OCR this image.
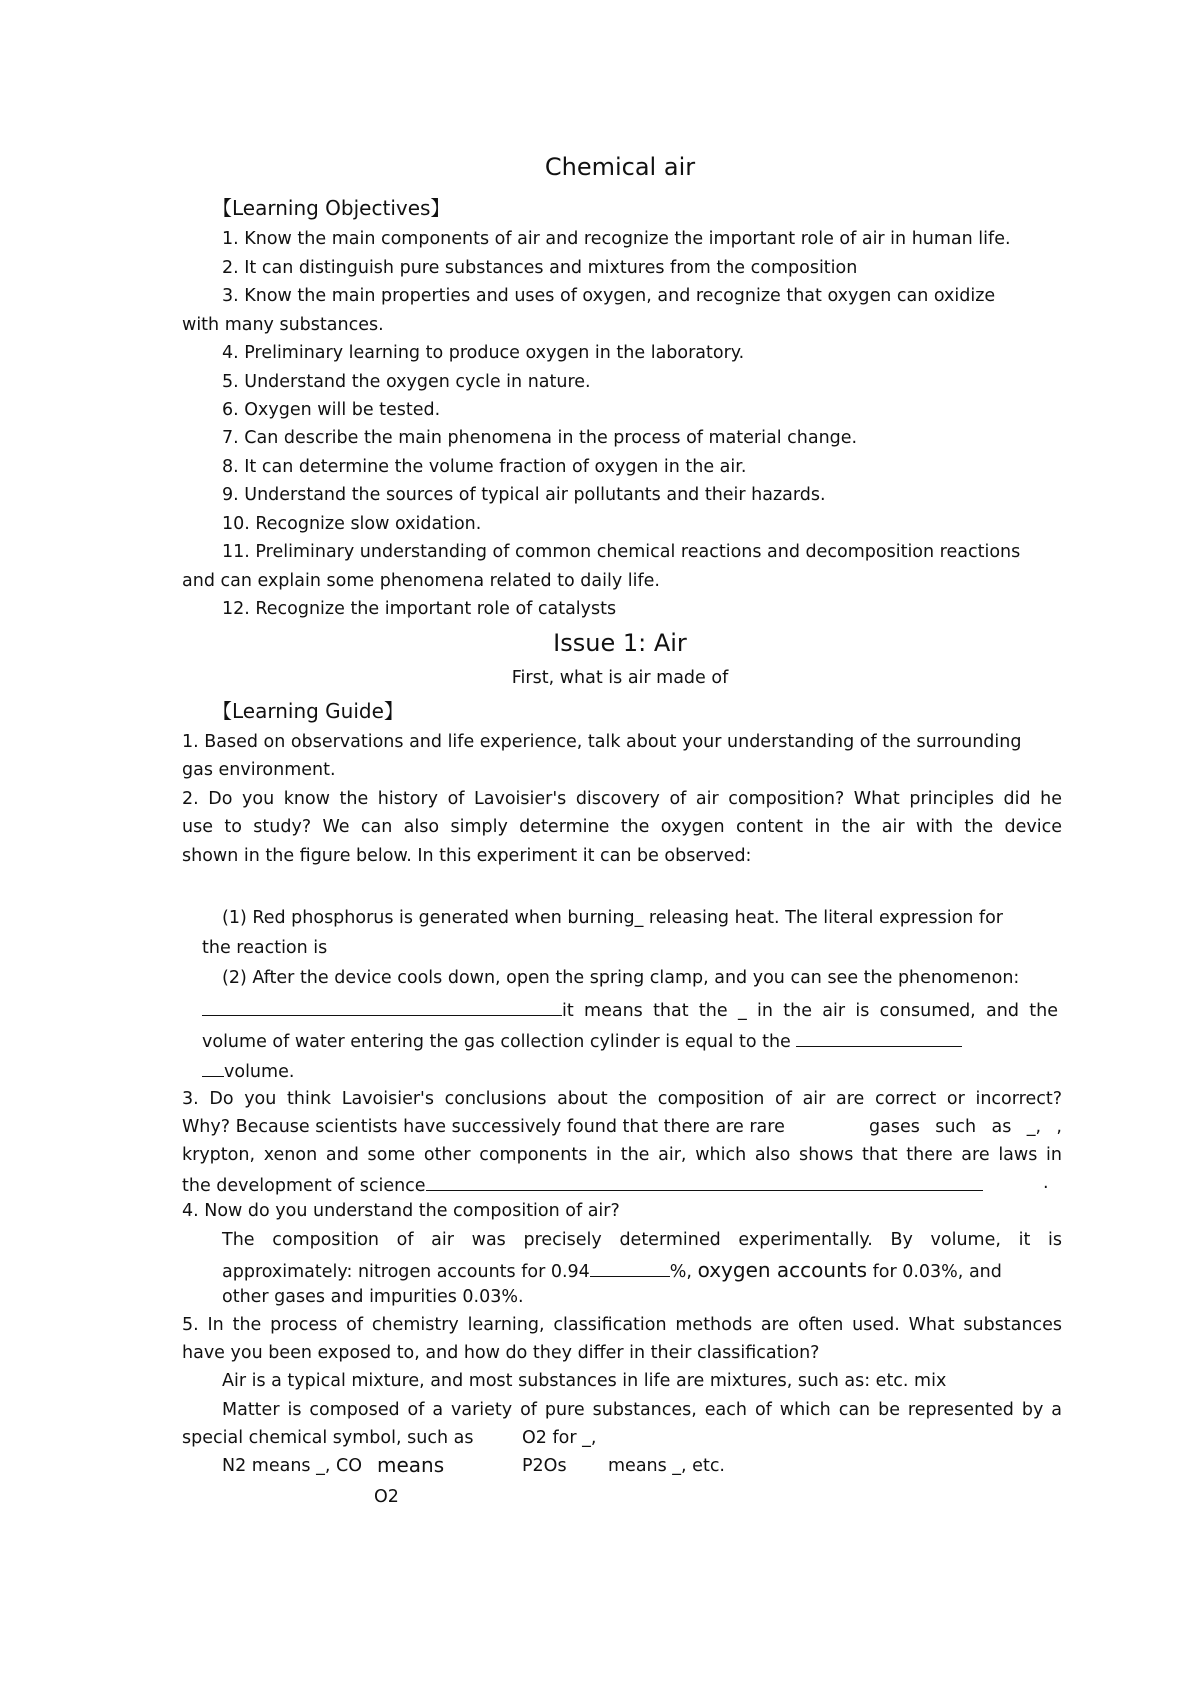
Chemical air
【Learning Objectives】
1. Know the main components of air and recognize the important role of air in human life.
2. It can distinguish pure substances and mixtures from the composition
3. Know the main properties and uses of oxygen, and recognize that oxygen can oxidize
with many substances.
4. Preliminary learning to produce oxygen in the laboratory.
5. Understand the oxygen cycle in nature.
6. Oxygen will be tested.
7. Can describe the main phenomena in the process of material change.
8. It can determine the volume fraction of oxygen in the air.
9. Understand the sources of typical air pollutants and their hazards.
10. Recognize slow oxidation.
11. Preliminary understanding of common chemical reactions and decomposition reactions
and can explain some phenomena related to daily life.
12. Recognize the important role of catalysts
Issue 1: Air
First, what is air made of
【Learning Guide】
1. Based on observations and life experience, talk about your understanding of the surrounding
gas environment.
2. Do you know the history of Lavoisier's discovery of air composition? What principles did he
use to study? We can also simply determine the oxygen content in the air with the device
shown in the figure below. In this experiment it can be observed:
(1) Red phosphorus is generated when burning_ releasing heat. The literal expression for
the reaction is
(2) After the device cools down, open the spring clamp, and you can see the phenomenon:
it means that the _ in the air is consumed, and the
volume of water entering the gas collection cylinder is equal to the
volume.
3. Do you think Lavoisier's conclusions about the composition of air are correct or incorrect?
Why? Because scientists have successively found that there are rare	gases such as _, ,
krypton, xenon and some other components in the air, which also shows that there are laws in
the development of science	.
4. Now do you understand the composition of air?
The composition of air was precisely determined experimentally. By volume, it is
approximately: nitrogen accounts for 0.94	%, oxygen accounts for 0.03%, and
other gases and impurities 0.03%.
5. In the process of chemistry learning, classification methods are often used. What substances
have you been exposed to, and how do they differ in their classification?
Air is a typical mixture, and most substances in life are mixtures, such as: etc. mix
Matter is composed of a variety of pure substances, each of which can be represented by a
special chemical symbol, such as	O2 for _,
N2 means _, CO means	P2Os means _, etc.
O2
